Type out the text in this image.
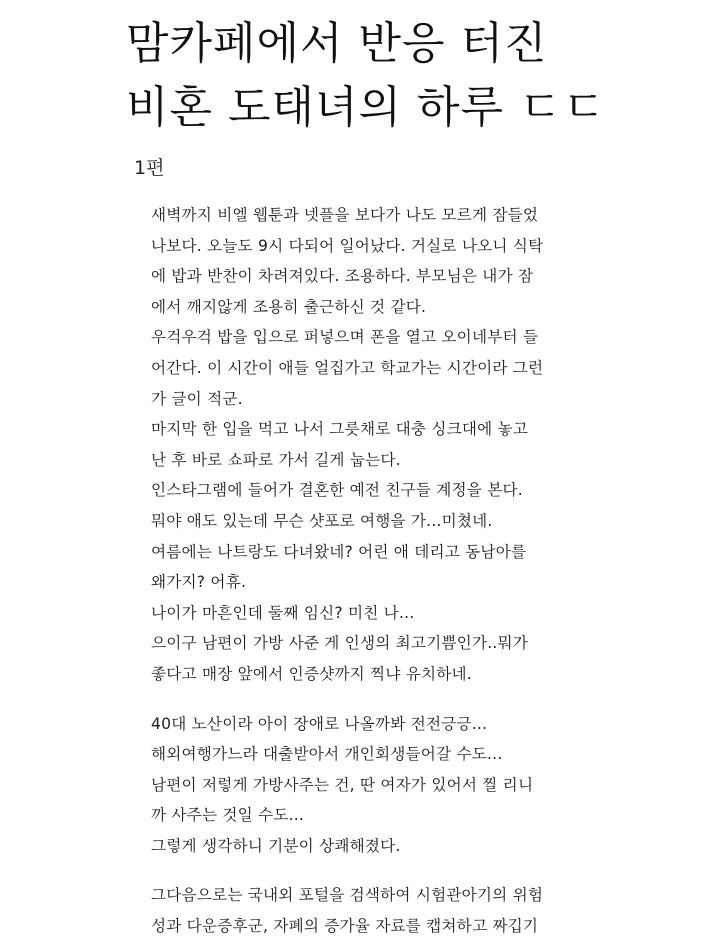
맘카페에서 반응 터진
비혼 도태녀의 하루 ㄷㄷ
1편
새벽까지 비엘 웹툰과 넷플을 보다가 나도 모르게 잠들었
나보다. 오늘도 9시 다되어 일어났다. 거실로 나오니 식탁
에 밥과 반찬이 차려져있다. 조용하다. 부모님은 내가 잠
에서 깨지않게 조용히 출근하신 것 같다.
우걱우걱 밥을 입으로 퍼넣으며 폰을 열고 오이네부터 들
어간다. 이 시간이 애들 얼집가고 학교가는 시간이라 그런
가 글이 적군.
마지막 한 입을 먹고 나서 그릇채로 대충 싱크대에 놓고
난 후 바로 쇼파로 가서 길게 눕는다.
인스타그램에 들어가 결혼한 예전 친구들 계정을 본다.
뭐야 애도 있는데 무슨 샷포로 여행을 가...미쳤네.
여름에는 나트랑도 다녀왔네? 어린 애 데리고 동남아를
왜가지? 어휴.
나이가 마흔인데 둘째 임신? 미친 나...
으이구 남편이 가방 사준 게 인생의 최고기쁨인가..뭐가
좋다고 매장 앞에서 인증샷까지 찍냐 유치하네.
40대 노산이라 아이 장애로 나올까봐 전전긍긍...
해외여행가느라 대출받아서 개인회생들어갈 수도...
남편이 저렇게 가방사주는 건, 딴 여자가 있어서 찔 리니
까 사주는 것일 수도...
그렇게 생각하니 기분이 상쾌해졌다.
그다음으로는 국내외 포털을 검색하여 시험관아기의 위험
성과 다운증후군, 자폐의 증가율 자료를 캡쳐하고 짜깁기
